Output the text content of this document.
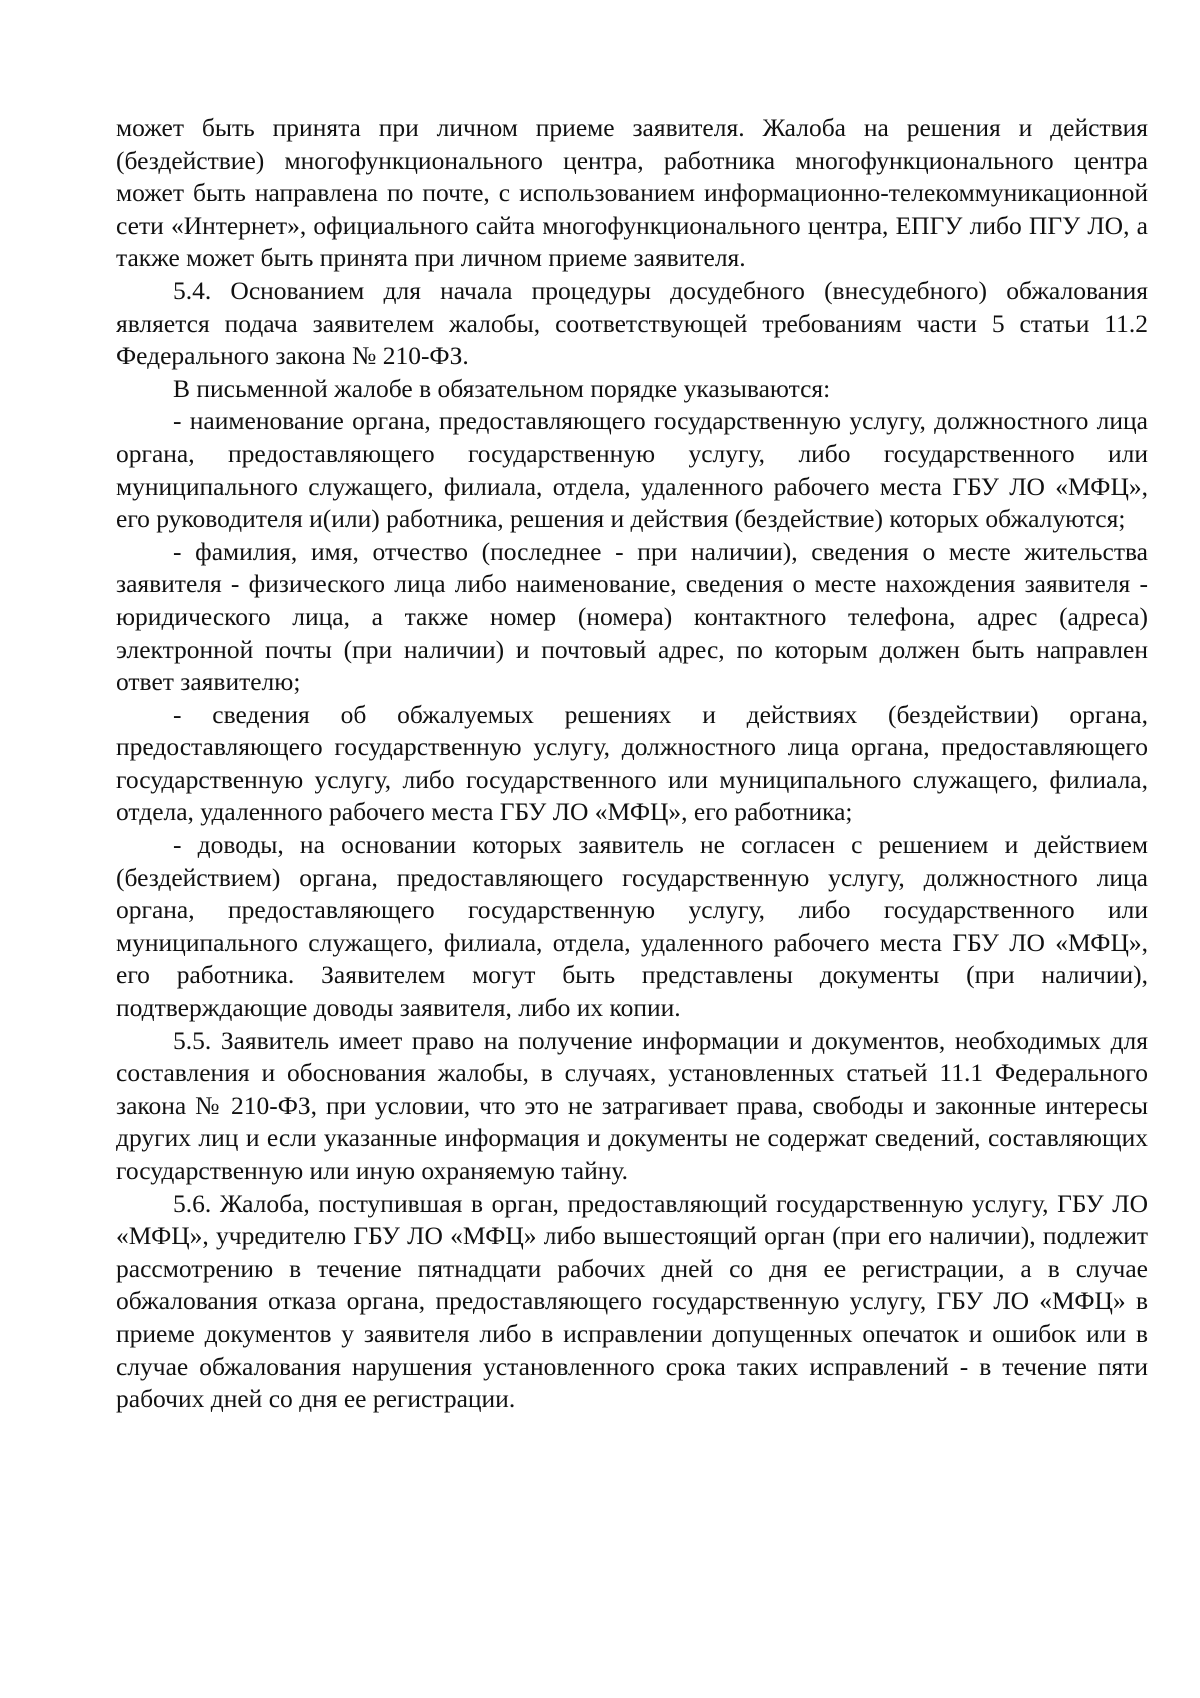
может быть принята при личном приеме заявителя. Жалоба на решения и действия (бездействие) многофункционального центра, работника многофункционального центра может быть направлена по почте, с использованием информационно-телекоммуникационной сети «Интернет», официального сайта многофункционального центра, ЕПГУ либо ПГУ ЛО, а также может быть принята при личном приеме заявителя.

5.4. Основанием для начала процедуры досудебного (внесудебного) обжалования является подача заявителем жалобы, соответствующей требованиям части 5 статьи 11.2 Федерального закона № 210-ФЗ.

В письменной жалобе в обязательном порядке указываются:

- наименование органа, предоставляющего государственную услугу, должностного лица органа, предоставляющего государственную услугу, либо государственного или муниципального служащего, филиала, отдела, удаленного рабочего места ГБУ ЛО «МФЦ», его руководителя и(или) работника, решения и действия (бездействие) которых обжалуются;

- фамилия, имя, отчество (последнее - при наличии), сведения о месте жительства заявителя - физического лица либо наименование, сведения о месте нахождения заявителя - юридического лица, а также номер (номера) контактного телефона, адрес (адреса) электронной почты (при наличии) и почтовый адрес, по которым должен быть направлен ответ заявителю;

- сведения об обжалуемых решениях и действиях (бездействии) органа, предоставляющего государственную услугу, должностного лица органа, предоставляющего государственную услугу, либо государственного или муниципального служащего, филиала, отдела, удаленного рабочего места ГБУ ЛО «МФЦ», его работника;

- доводы, на основании которых заявитель не согласен с решением и действием (бездействием) органа, предоставляющего государственную услугу, должностного лица органа, предоставляющего государственную услугу, либо государственного или муниципального служащего, филиала, отдела, удаленного рабочего места ГБУ ЛО «МФЦ», его работника. Заявителем могут быть представлены документы (при наличии), подтверждающие доводы заявителя, либо их копии.

5.5. Заявитель имеет право на получение информации и документов, необходимых для составления и обоснования жалобы, в случаях, установленных статьей 11.1 Федерального закона № 210-ФЗ, при условии, что это не затрагивает права, свободы и законные интересы других лиц и если указанные информация и документы не содержат сведений, составляющих государственную или иную охраняемую тайну.

5.6. Жалоба, поступившая в орган, предоставляющий государственную услугу, ГБУ ЛО «МФЦ», учредителю ГБУ ЛО «МФЦ» либо вышестоящий орган (при его наличии), подлежит рассмотрению в течение пятнадцати рабочих дней со дня ее регистрации, а в случае обжалования отказа органа, предоставляющего государственную услугу, ГБУ ЛО «МФЦ» в приеме документов у заявителя либо в исправлении допущенных опечаток и ошибок или в случае обжалования нарушения установленного срока таких исправлений - в течение пяти рабочих дней со дня ее регистрации.
